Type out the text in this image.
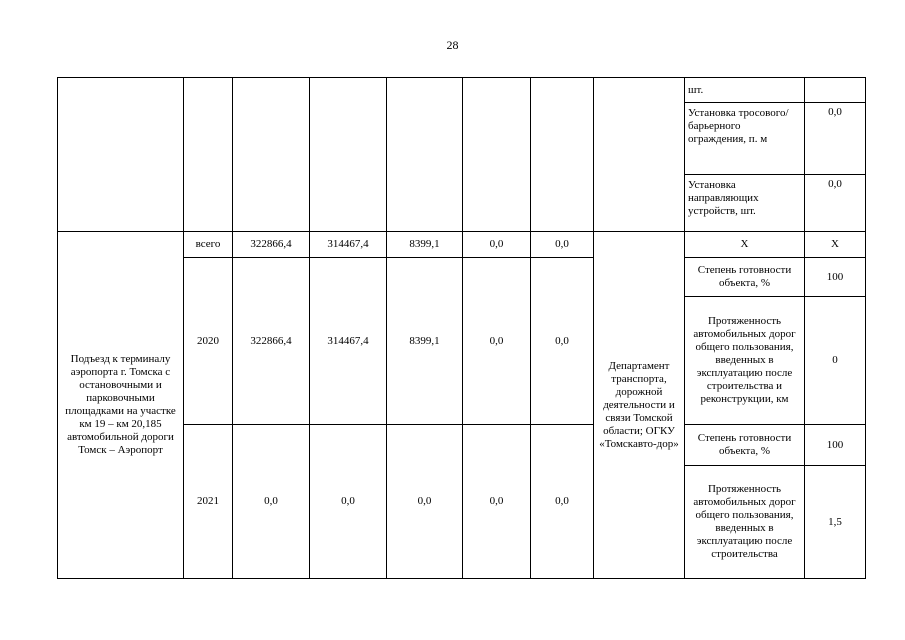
28
								шт.	
								Установка тросового/ барьерного ограждения, п. м	0,0
								Установка направляющих устройств, шт.	0,0
Подъезд к терминалу аэропорта г. Томска с остановочными и парковочными площадками на участке км 19 – км 20,185 автомобильной дороги Томск – Аэропорт	всего	322866,4	314467,4	8399,1	0,0	0,0	Департамент транспорта, дорожной деятельности и связи Томской области; ОГКУ «Томскавто-дор»	Х	Х
	2020	322866,4	314467,4	8399,1	0,0	0,0		Степень готовности объекта, %	100
								Протяженность автомобильных дорог общего пользования, введенных в эксплуатацию после строительства и реконструкции, км	0
	2021	0,0	0,0	0,0	0,0	0,0		Степень готовности объекта, %	100
								Протяженность автомобильных дорог общего пользования, введенных в эксплуатацию после строительства	1,5
